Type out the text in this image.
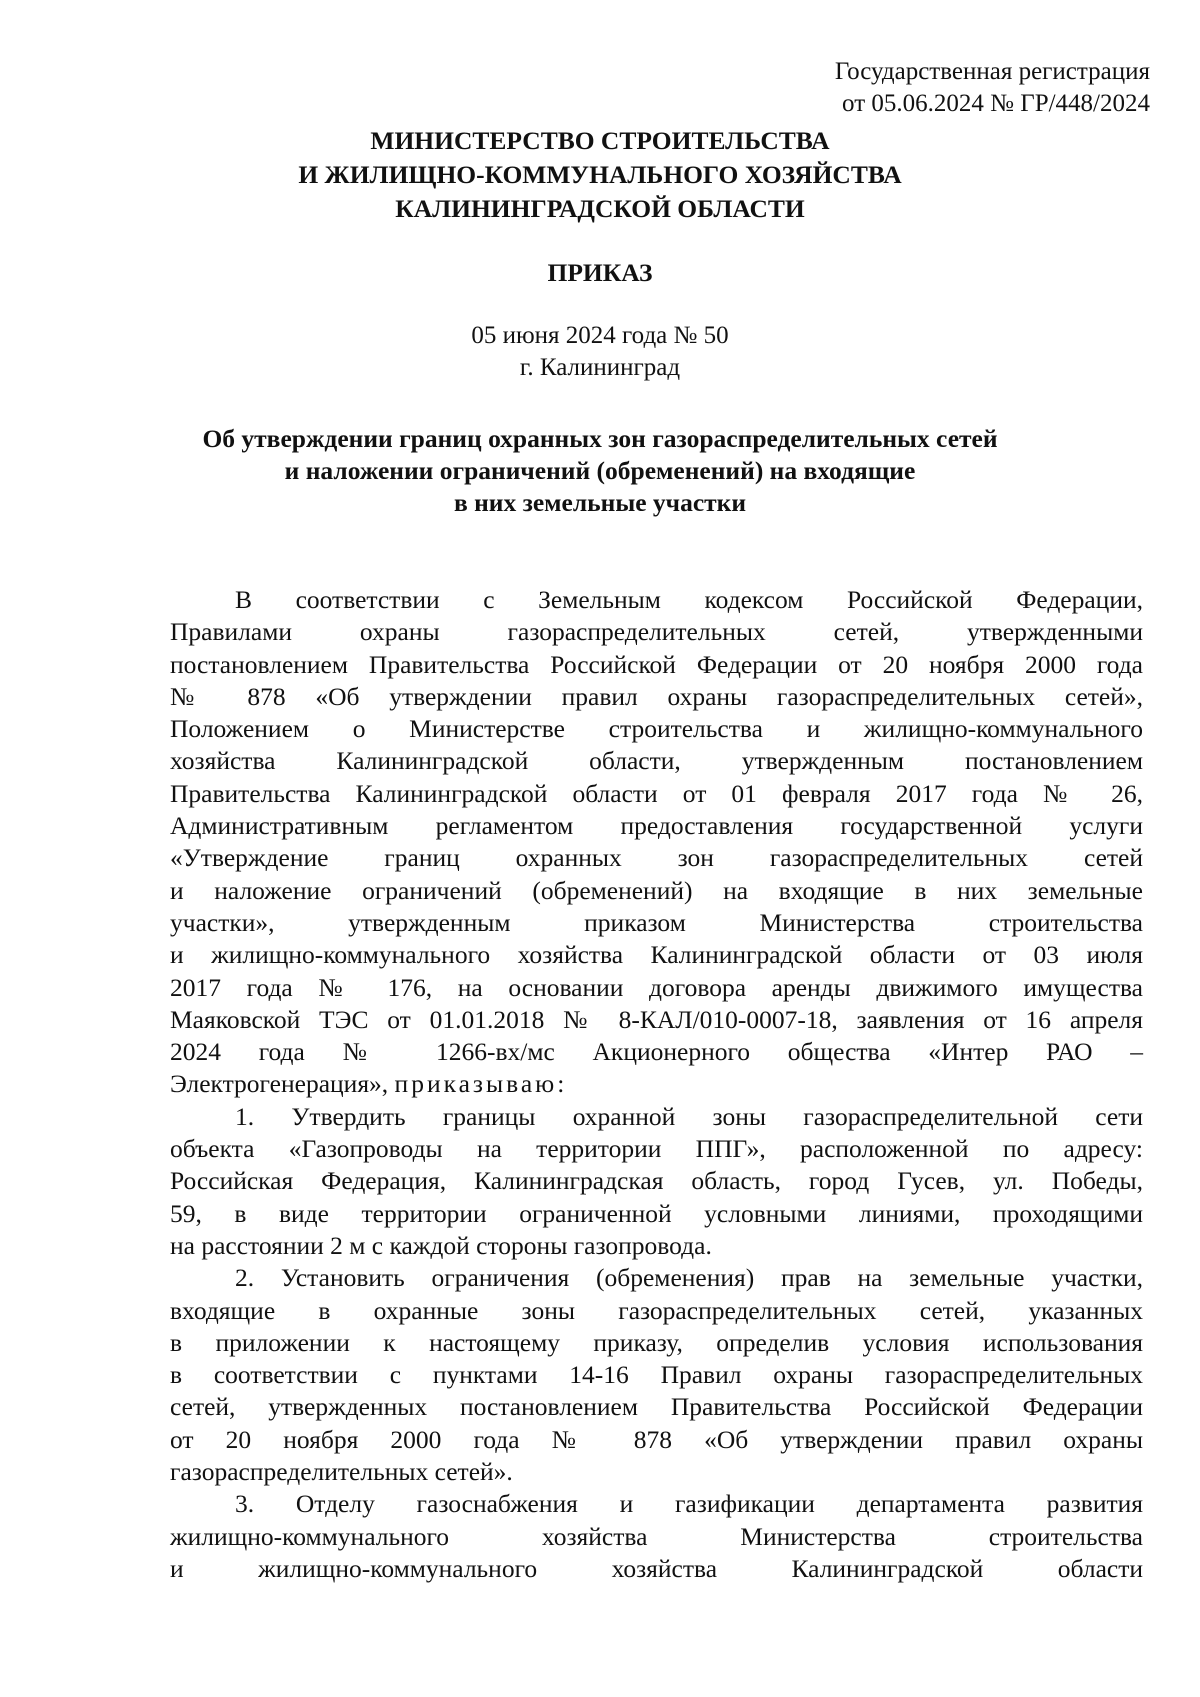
Государственная регистрация
от 05.06.2024 № ГР/448/2024
МИНИСТЕРСТВО СТРОИТЕЛЬСТВА
И ЖИЛИЩНО-КОММУНАЛЬНОГО ХОЗЯЙСТВА
КАЛИНИНГРАДСКОЙ ОБЛАСТИ
ПРИКАЗ
05 июня 2024 года № 50
г. Калининград
Об утверждении границ охранных зон газораспределительных сетей
и наложении ограничений (обременений) на входящие
в них земельные участки
В соответствии с Земельным кодексом Российской Федерации,
Правилами охраны газораспределительных сетей, утвержденными
постановлением Правительства Российской Федерации от 20 ноября 2000 года
№ 878 «Об утверждении правил охраны газораспределительных сетей»,
Положением о Министерстве строительства и жилищно-коммунального
хозяйства Калининградской области, утвержденным постановлением
Правительства Калининградской области от 01 февраля 2017 года № 26,
Административным регламентом предоставления государственной услуги
«Утверждение границ охранных зон газораспределительных сетей
и наложение ограничений (обременений) на входящие в них земельные
участки», утвержденным приказом Министерства строительства
и жилищно-коммунального хозяйства Калининградской области от 03 июля
2017 года № 176, на основании договора аренды движимого имущества
Маяковской ТЭС от 01.01.2018 № 8-КАЛ/010-0007-18, заявления от 16 апреля
2024 года № 1266-вх/мс Акционерного общества «Интер РАО –
Электрогенерация», приказываю:
1. Утвердить границы охранной зоны газораспределительной сети
объекта «Газопроводы на территории ППГ», расположенной по адресу:
Российская Федерация, Калининградская область, город Гусев, ул. Победы,
59, в виде территории ограниченной условными линиями, проходящими
на расстоянии 2 м с каждой стороны газопровода.
2. Установить ограничения (обременения) прав на земельные участки,
входящие в охранные зоны газораспределительных сетей, указанных
в приложении к настоящему приказу, определив условия использования
в соответствии с пунктами 14-16 Правил охраны газораспределительных
сетей, утвержденных постановлением Правительства Российской Федерации
от 20 ноября 2000 года № 878 «Об утверждении правил охраны
газораспределительных сетей».
3. Отделу газоснабжения и газификации департамента развития
жилищно-коммунального хозяйства Министерства строительства
и жилищно-коммунального хозяйства Калининградской области
